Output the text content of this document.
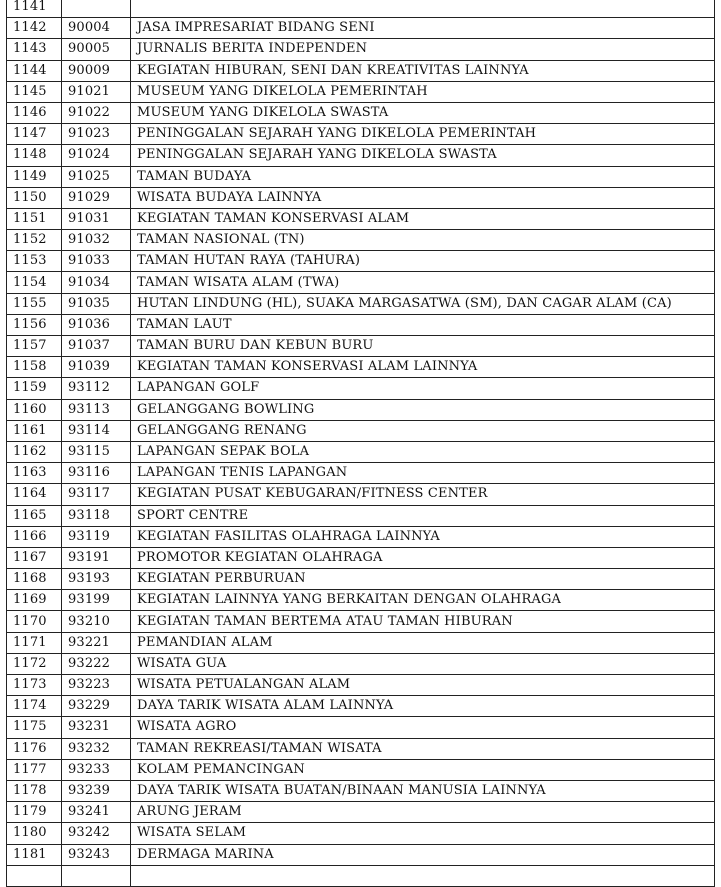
1141		
1142	90004	JASA IMPRESARIAT BIDANG SENI
1143	90005	JURNALIS BERITA INDEPENDEN
1144	90009	KEGIATAN HIBURAN, SENI DAN KREATIVITAS LAINNYA
1145	91021	MUSEUM YANG DIKELOLA PEMERINTAH
1146	91022	MUSEUM YANG DIKELOLA SWASTA
1147	91023	PENINGGALAN SEJARAH YANG DIKELOLA PEMERINTAH
1148	91024	PENINGGALAN SEJARAH YANG DIKELOLA SWASTA
1149	91025	TAMAN BUDAYA
1150	91029	WISATA BUDAYA LAINNYA
1151	91031	KEGIATAN TAMAN KONSERVASI ALAM
1152	91032	TAMAN NASIONAL (TN)
1153	91033	TAMAN HUTAN RAYA (TAHURA)
1154	91034	TAMAN WISATA ALAM (TWA)
1155	91035	HUTAN LINDUNG (HL), SUAKA MARGASATWA (SM), DAN CAGAR ALAM (CA)
1156	91036	TAMAN LAUT
1157	91037	TAMAN BURU DAN KEBUN BURU
1158	91039	KEGIATAN TAMAN KONSERVASI ALAM LAINNYA
1159	93112	LAPANGAN GOLF
1160	93113	GELANGGANG BOWLING
1161	93114	GELANGGANG RENANG
1162	93115	LAPANGAN SEPAK BOLA
1163	93116	LAPANGAN TENIS LAPANGAN
1164	93117	KEGIATAN PUSAT KEBUGARAN/FITNESS CENTER
1165	93118	SPORT CENTRE
1166	93119	KEGIATAN FASILITAS OLAHRAGA LAINNYA
1167	93191	PROMOTOR KEGIATAN OLAHRAGA
1168	93193	KEGIATAN PERBURUAN
1169	93199	KEGIATAN LAINNYA YANG BERKAITAN DENGAN OLAHRAGA
1170	93210	KEGIATAN TAMAN BERTEMA ATAU TAMAN HIBURAN
1171	93221	PEMANDIAN ALAM
1172	93222	WISATA GUA
1173	93223	WISATA PETUALANGAN ALAM
1174	93229	DAYA TARIK WISATA ALAM LAINNYA
1175	93231	WISATA AGRO
1176	93232	TAMAN REKREASI/TAMAN WISATA
1177	93233	KOLAM PEMANCINGAN
1178	93239	DAYA TARIK WISATA BUATAN/BINAAN MANUSIA LAINNYA
1179	93241	ARUNG JERAM
1180	93242	WISATA SELAM
1181	93243	DERMAGA MARINA
